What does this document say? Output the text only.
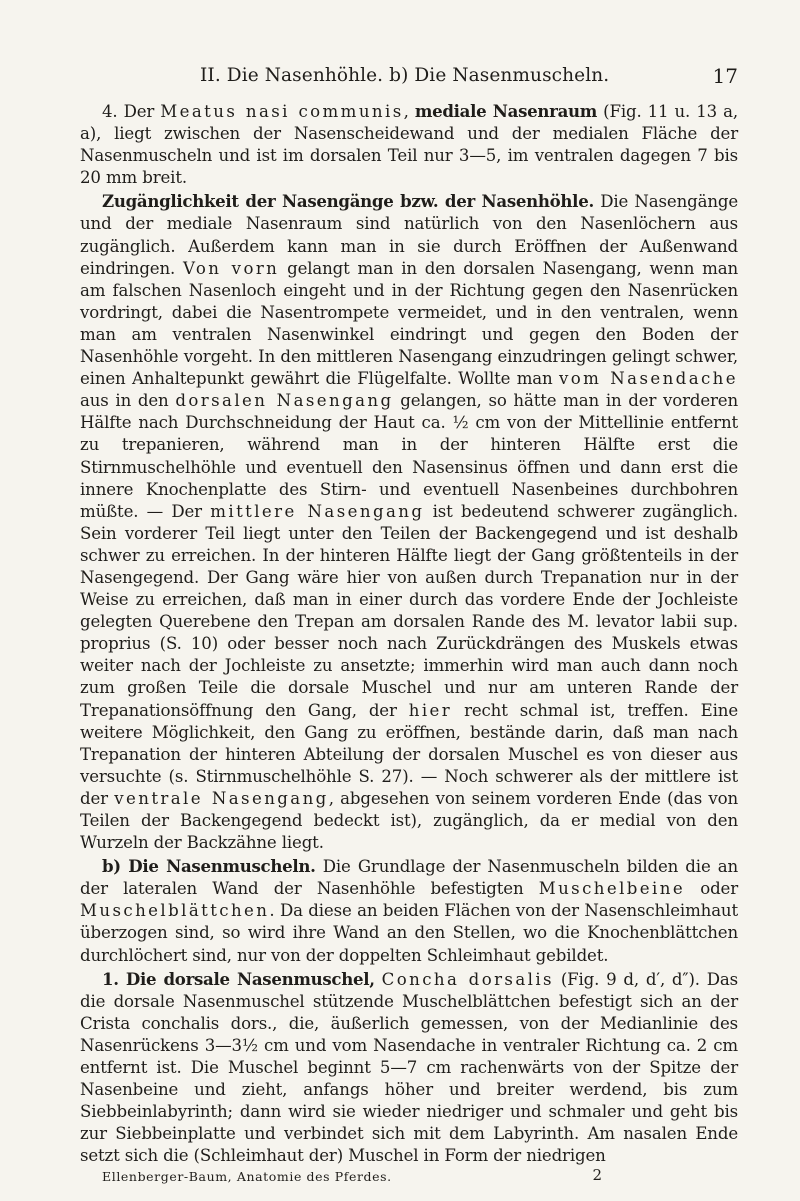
II. Die Nasenhöhle. b) Die Nasenmuscheln.	17

4. Der Meatus nasi communis, mediale Nasenraum (Fig. 11 u. 13 a, a), liegt zwischen der Nasenscheidewand und der medialen Fläche der Nasenmuscheln und ist im dorsalen Teil nur 3—5, im ventralen dagegen 7 bis 20 mm breit.

Zugänglichkeit der Nasengänge bzw. der Nasenhöhle. Die Nasengänge und der mediale Nasenraum sind natürlich von den Nasenlöchern aus zugänglich. Außerdem kann man in sie durch Eröffnen der Außenwand eindringen. Von vorn gelangt man in den dorsalen Nasengang, wenn man am falschen Nasenloch eingeht und in der Richtung gegen den Nasenrücken vordringt, dabei die Nasentrompete vermeidet, und in den ventralen, wenn man am ventralen Nasenwinkel eindringt und gegen den Boden der Nasenhöhle vorgeht. In den mittleren Nasengang einzudringen gelingt schwer, einen Anhaltepunkt gewährt die Flügelfalte. Wollte man vom Nasendache aus in den dorsalen Nasengang gelangen, so hätte man in der vorderen Hälfte nach Durchschneidung der Haut ca. ½ cm von der Mittellinie entfernt zu trepanieren, während man in der hinteren Hälfte erst die Stirnmuschelhöhle und eventuell den Nasensinus öffnen und dann erst die innere Knochenplatte des Stirn- und eventuell Nasenbeines durchbohren müßte. — Der mittlere Nasengang ist bedeutend schwerer zugänglich. Sein vorderer Teil liegt unter den Teilen der Backengegend und ist deshalb schwer zu erreichen. In der hinteren Hälfte liegt der Gang größtenteils in der Nasengegend. Der Gang wäre hier von außen durch Trepanation nur in der Weise zu erreichen, daß man in einer durch das vordere Ende der Jochleiste gelegten Querebene den Trepan am dorsalen Rande des M. levator labii sup. proprius (S. 10) oder besser noch nach Zurückdrängen des Muskels etwas weiter nach der Jochleiste zu ansetzte; immerhin wird man auch dann noch zum großen Teile die dorsale Muschel und nur am unteren Rande der Trepanationsöffnung den Gang, der hier recht schmal ist, treffen. Eine weitere Möglichkeit, den Gang zu eröffnen, bestände darin, daß man nach Trepanation der hinteren Abteilung der dorsalen Muschel es von dieser aus versuchte (s. Stirnmuschelhöhle S. 27). — Noch schwerer als der mittlere ist der ventrale Nasengang, abgesehen von seinem vorderen Ende (das von Teilen der Backengegend bedeckt ist), zugänglich, da er medial von den Wurzeln der Backzähne liegt.

b) Die Nasenmuscheln. Die Grundlage der Nasenmuscheln bilden die an der lateralen Wand der Nasenhöhle befestigten Muschelbeine oder Muschelblättchen. Da diese an beiden Flächen von der Nasenschleimhaut überzogen sind, so wird ihre Wand an den Stellen, wo die Knochenblättchen durchlöchert sind, nur von der doppelten Schleimhaut gebildet.

1. Die dorsale Nasenmuschel, Concha dorsalis (Fig. 9 d, d′, d″). Das die dorsale Nasenmuschel stützende Muschelblättchen befestigt sich an der Crista conchalis dors., die, äußerlich gemessen, von der Medianlinie des Nasenrückens 3—3½ cm und vom Nasendache in ventraler Richtung ca. 2 cm entfernt ist. Die Muschel beginnt 5—7 cm rachenwärts von der Spitze der Nasenbeine und zieht, anfangs höher und breiter werdend, bis zum Siebbeinlabyrinth; dann wird sie wieder niedriger und schmaler und geht bis zur Siebbeinplatte und verbindet sich mit dem Labyrinth. Am nasalen Ende setzt sich die (Schleimhaut der) Muschel in Form der niedrigen

Ellenberger-Baum, Anatomie des Pferdes.	2
